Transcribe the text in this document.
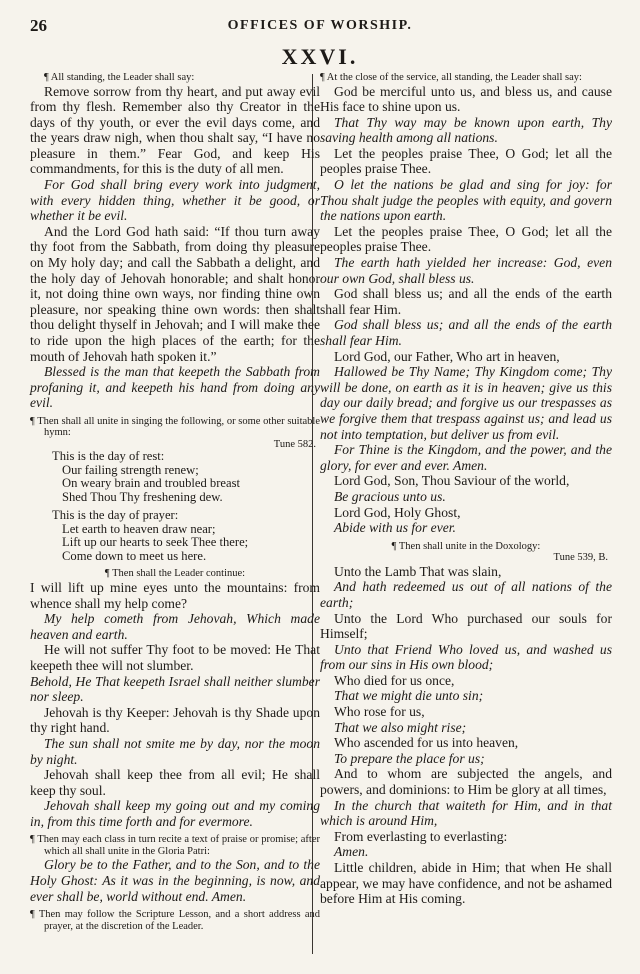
26	OFFICES OF WORSHIP.
XXVI.

¶ All standing, the Leader shall say:

Remove sorrow from thy heart, and put away evil from thy flesh. Remember also thy Creator in the days of thy youth, or ever the evil days come, and the years draw nigh, when thou shalt say, “I have no pleasure in them.” Fear God, and keep His commandments, for this is the duty of all men.

For God shall bring every work into judgment, with every hidden thing, whether it be good, or whether it be evil.

And the Lord God hath said: “If thou turn away thy foot from the Sabbath, from doing thy pleasure on My holy day; and call the Sabbath a delight, and the holy day of Jehovah honorable; and shalt honor it, not doing thine own ways, nor finding thine own pleasure, nor speaking thine own words: then shalt thou delight thyself in Jehovah; and I will make thee to ride upon the high places of the earth; for the mouth of Jehovah hath spoken it.”

Blessed is the man that keepeth the Sabbath from profaning it, and keepeth his hand from doing any evil.

¶ Then shall all unite in singing the following, or some other suitable hymn:

Tune 582.

This is the day of rest:

Our failing strength renew;

On weary brain and troubled breast

Shed Thou Thy freshening dew.

This is the day of prayer:

Let earth to heaven draw near;

Lift up our hearts to seek Thee there;

Come down to meet us here.

¶ Then shall the Leader continue:

I will lift up mine eyes unto the mountains: from whence shall my help come?

My help cometh from Jehovah, Which made heaven and earth.

He will not suffer Thy foot to be moved: He That keepeth thee will not slumber.

Behold, He That keepeth Israel shall neither slumber nor sleep.

Jehovah is thy Keeper: Jehovah is thy Shade upon thy right hand.

The sun shall not smite me by day, nor the moon by night.

Jehovah shall keep thee from all evil; He shall keep thy soul.

Jehovah shall keep my going out and my coming in, from this time forth and for evermore.

¶ Then may each class in turn recite a text of praise or promise; after which all shall unite in the Gloria Patri:

Glory be to the Father, and to the Son, and to the Holy Ghost: As it was in the beginning, is now, and ever shall be, world without end. Amen.

¶ Then may follow the Scripture Lesson, and a short address and prayer, at the discretion of the Leader.

¶ At the close of the service, all standing, the Leader shall say:

God be merciful unto us, and bless us, and cause His face to shine upon us.

That Thy way may be known upon earth, Thy saving health among all nations.

Let the peoples praise Thee, O God; let all the peoples praise Thee.

O let the nations be glad and sing for joy: for Thou shalt judge the peoples with equity, and govern the nations upon earth.

Let the peoples praise Thee, O God; let all the peoples praise Thee.

The earth hath yielded her increase: God, even our own God, shall bless us.

God shall bless us; and all the ends of the earth shall fear Him.

God shall bless us; and all the ends of the earth shall fear Him.

Lord God, our Father, Who art in heaven,

Hallowed be Thy Name; Thy Kingdom come; Thy will be done, on earth as it is in heaven; give us this day our daily bread; and forgive us our trespasses as we forgive them that trespass against us; and lead us not into temptation, but deliver us from evil.

For Thine is the Kingdom, and the power, and the glory, for ever and ever. Amen.

Lord God, Son, Thou Saviour of the world,

Be gracious unto us.

Lord God, Holy Ghost,

Abide with us for ever.

¶ Then shall unite in the Doxology:

Tune 539, B.

Unto the Lamb That was slain,

And hath redeemed us out of all nations of the earth;

Unto the Lord Who purchased our souls for Himself;

Unto that Friend Who loved us, and washed us from our sins in His own blood;

Who died for us once,

That we might die unto sin;

Who rose for us,

That we also might rise;

Who ascended for us into heaven,

To prepare the place for us;

And to whom are subjected the angels, and powers, and dominions: to Him be glory at all times,

In the church that waiteth for Him, and in that which is around Him,

From everlasting to everlasting:

Amen.

Little children, abide in Him; that when He shall appear, we may have confidence, and not be ashamed before Him at His coming.
